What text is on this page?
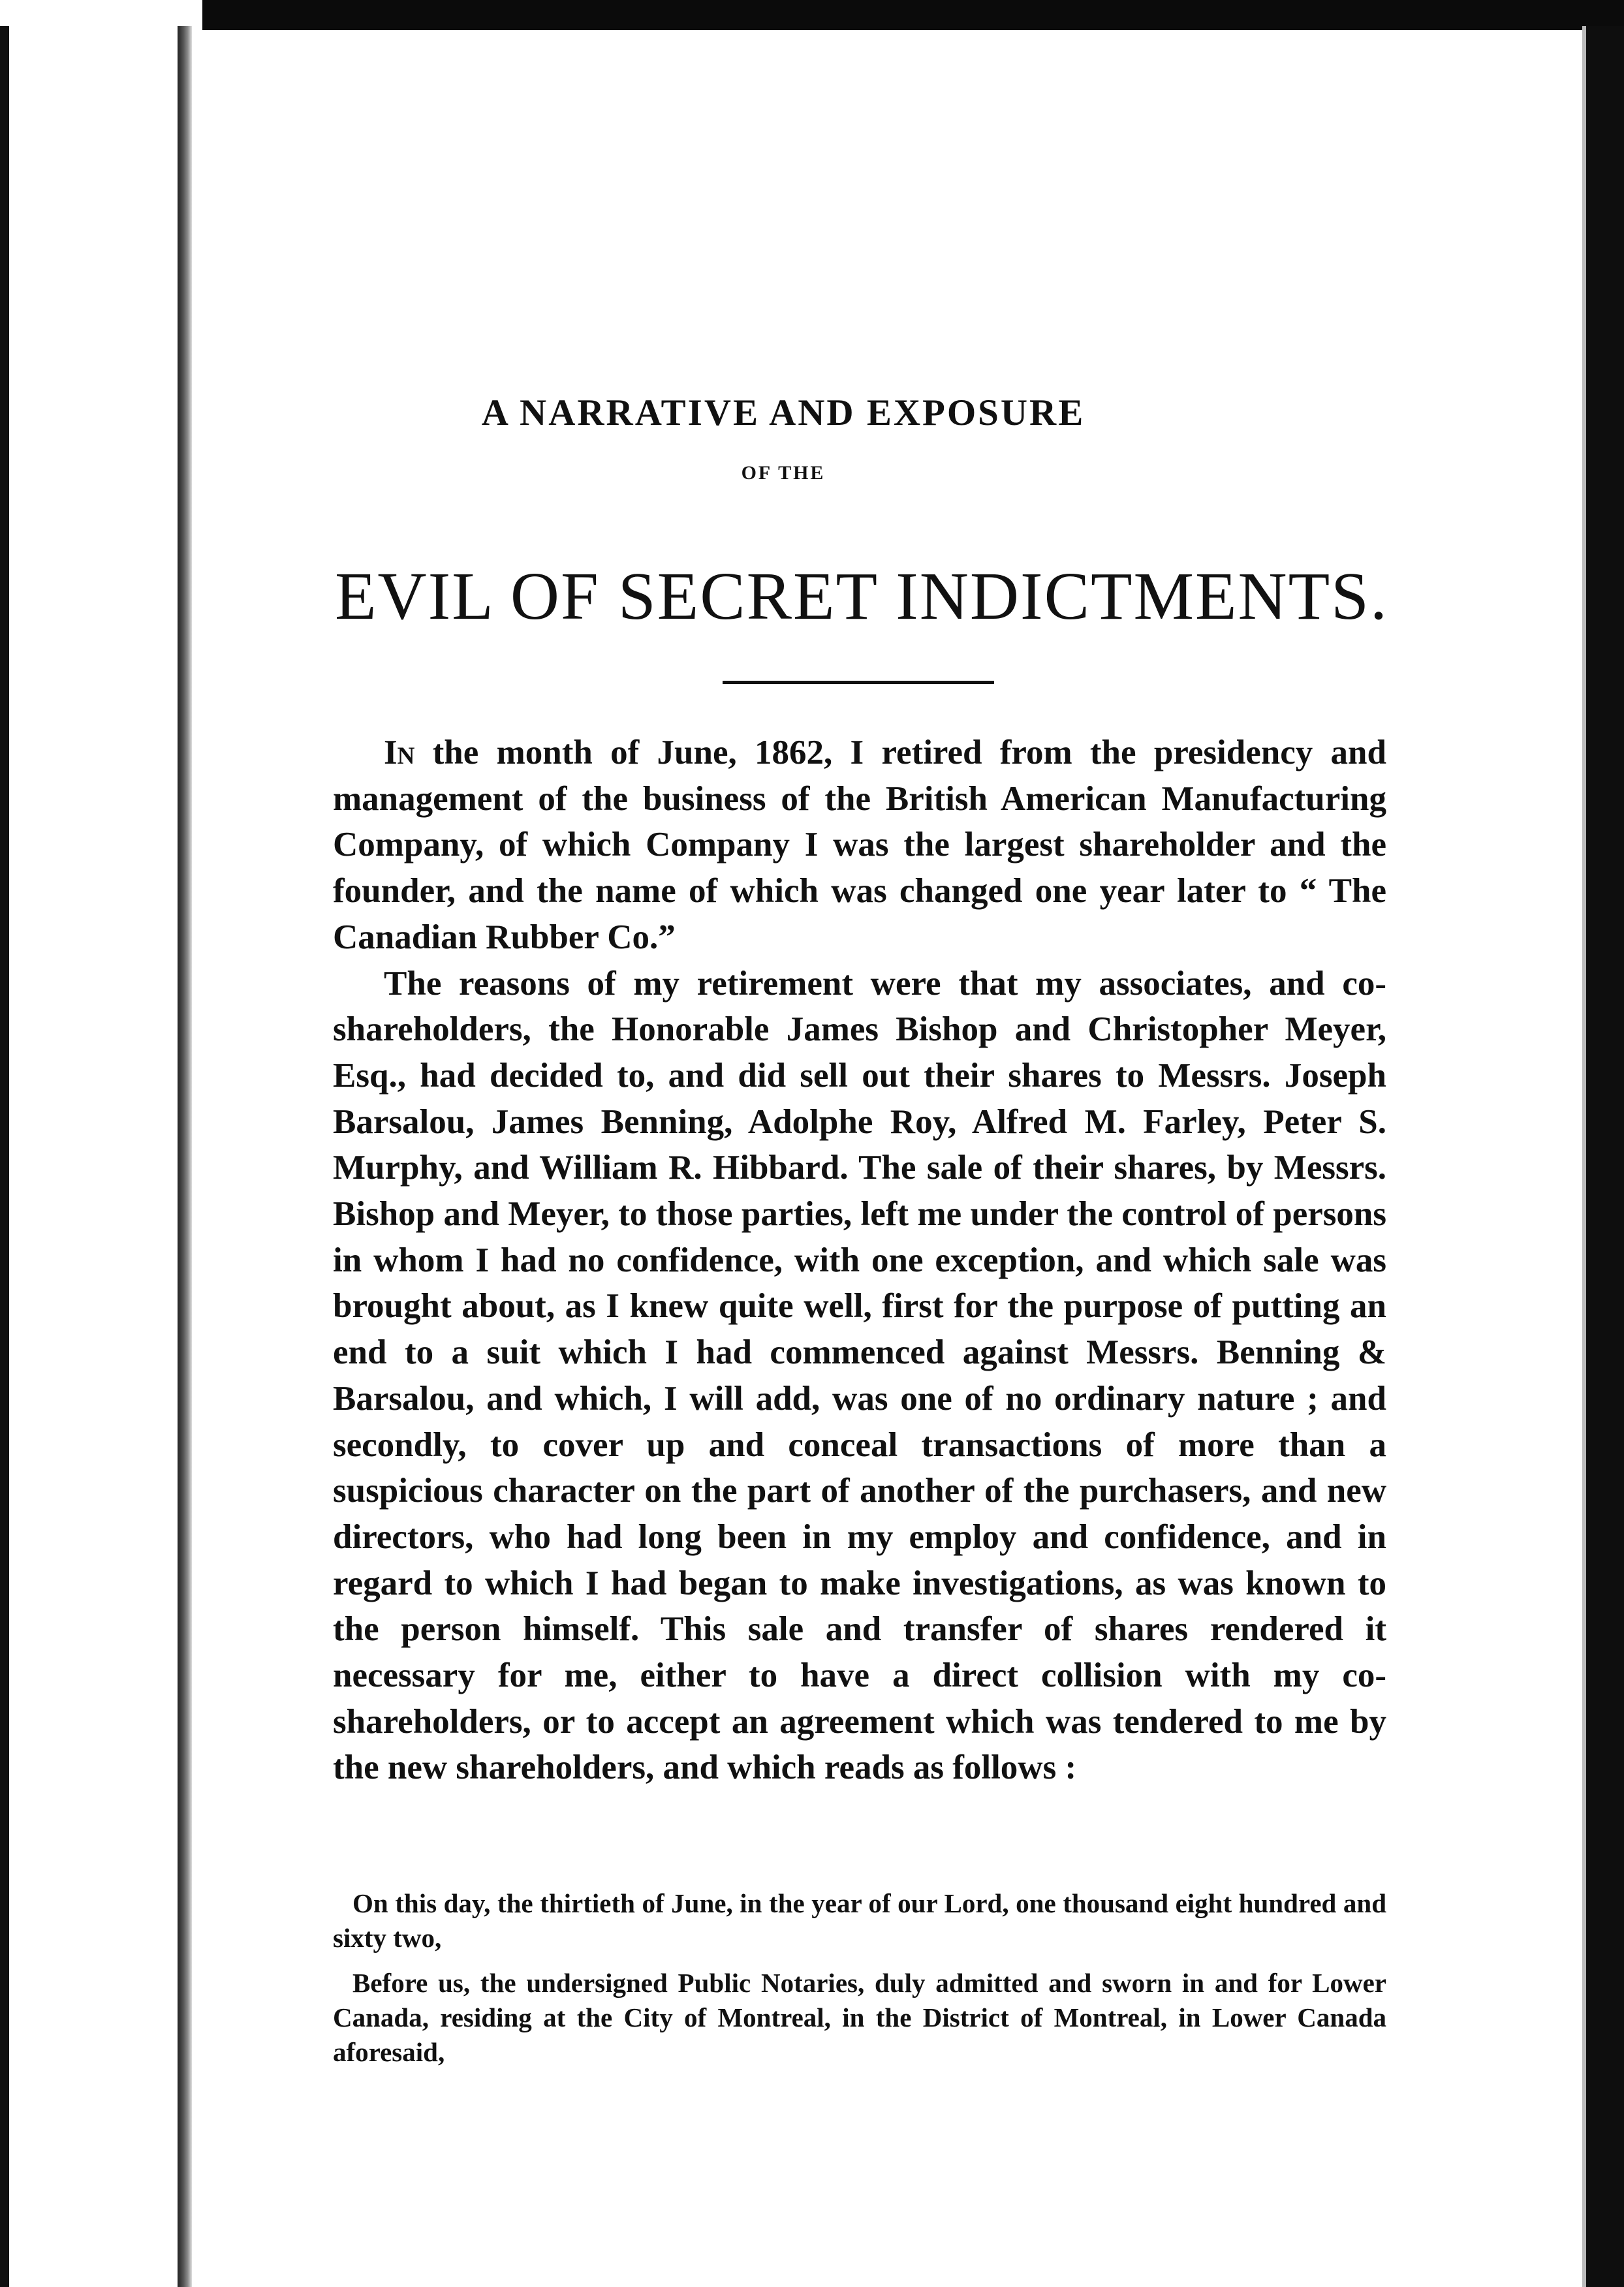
A NARRATIVE AND EXPOSURE
OF THE
EVIL OF SECRET INDICTMENTS.

In the month of June, 1862, I retired from the presidency and management of the business of the British American Manufacturing Company, of which Company I was the largest shareholder and the founder, and the name of which was changed one year later to “ The Canadian Rubber Co.”

The reasons of my retirement were that my associates, and co-shareholders, the Honorable James Bishop and Christopher Meyer, Esq., had decided to, and did sell out their shares to Messrs. Joseph Barsalou, James Benning, Adolphe Roy, Alfred M. Farley, Peter S. Murphy, and William R. Hibbard. The sale of their shares, by Messrs. Bishop and Meyer, to those parties, left me under the control of persons in whom I had no confidence, with one exception, and which sale was brought about, as I knew quite well, first for the purpose of putting an end to a suit which I had commenced against Messrs. Benning & Barsalou, and which, I will add, was one of no ordinary nature ; and secondly, to cover up and conceal transactions of more than a suspicious character on the part of another of the purchasers, and new directors, who had long been in my employ and confidence, and in regard to which I had began to make investigations, as was known to the person himself. This sale and transfer of shares rendered it necessary for me, either to have a direct collision with my co-shareholders, or to accept an agreement which was tendered to me by the new shareholders, and which reads as follows :

On this day, the thirtieth of June, in the year of our Lord, one thousand eight hundred and sixty two,

Before us, the undersigned Public Notaries, duly admitted and sworn in and for Lower Canada, residing at the City of Montreal, in the District of Montreal, in Lower Canada aforesaid,
